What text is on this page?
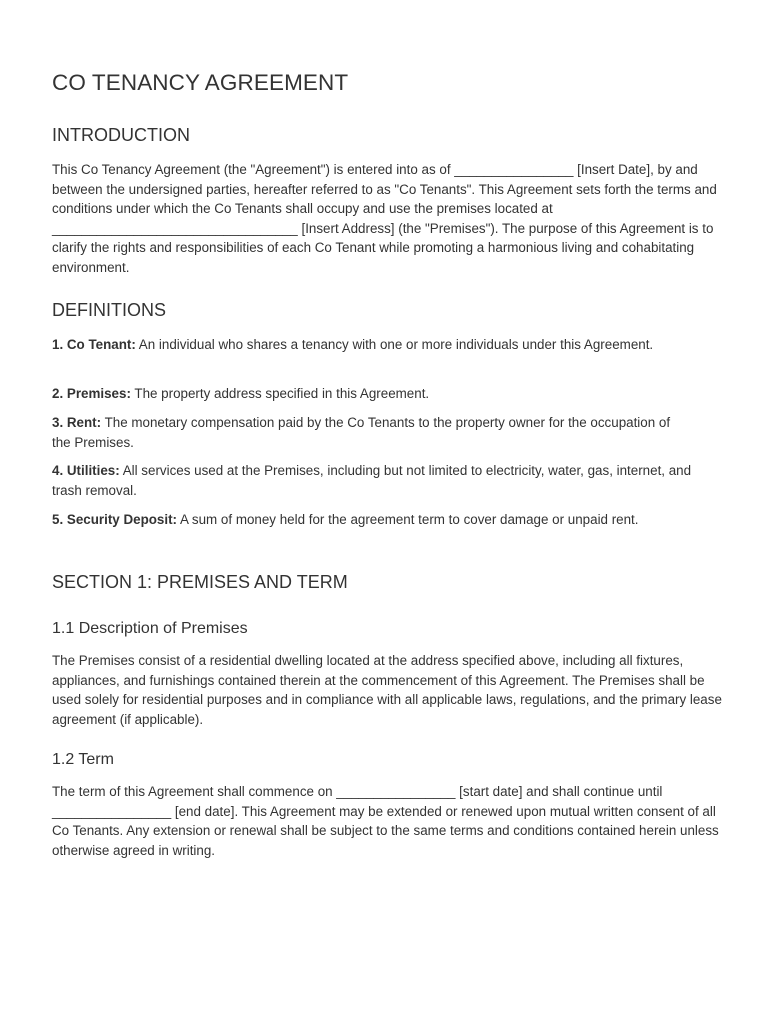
CO TENANCY AGREEMENT
INTRODUCTION

This Co Tenancy Agreement (the "Agreement") is entered into as of ________________ [Insert Date], by and between the undersigned parties, hereafter referred to as "Co Tenants". This Agreement sets forth the terms and conditions under which the Co Tenants shall occupy and use the premises located at _________________________________ [Insert Address] (the "Premises"). The purpose of this Agreement is to clarify the rights and responsibilities of each Co Tenant while promoting a harmonious living and cohabitating environment.

DEFINITIONS

1. Co Tenant: An individual who shares a tenancy with one or more individuals under this Agreement.

2. Premises: The property address specified in this Agreement.

3. Rent: The monetary compensation paid by the Co Tenants to the property owner for the occupation of the Premises.

4. Utilities: All services used at the Premises, including but not limited to electricity, water, gas, internet, and trash removal.

5. Security Deposit: A sum of money held for the agreement term to cover damage or unpaid rent.

SECTION 1: PREMISES AND TERM
1.1 Description of Premises

The Premises consist of a residential dwelling located at the address specified above, including all fixtures, appliances, and furnishings contained therein at the commencement of this Agreement. The Premises shall be used solely for residential purposes and in compliance with all applicable laws, regulations, and the primary lease agreement (if applicable).

1.2 Term

The term of this Agreement shall commence on ________________ [start date] and shall continue until ________________ [end date]. This Agreement may be extended or renewed upon mutual written consent of all Co Tenants. Any extension or renewal shall be subject to the same terms and conditions contained herein unless otherwise agreed in writing.
